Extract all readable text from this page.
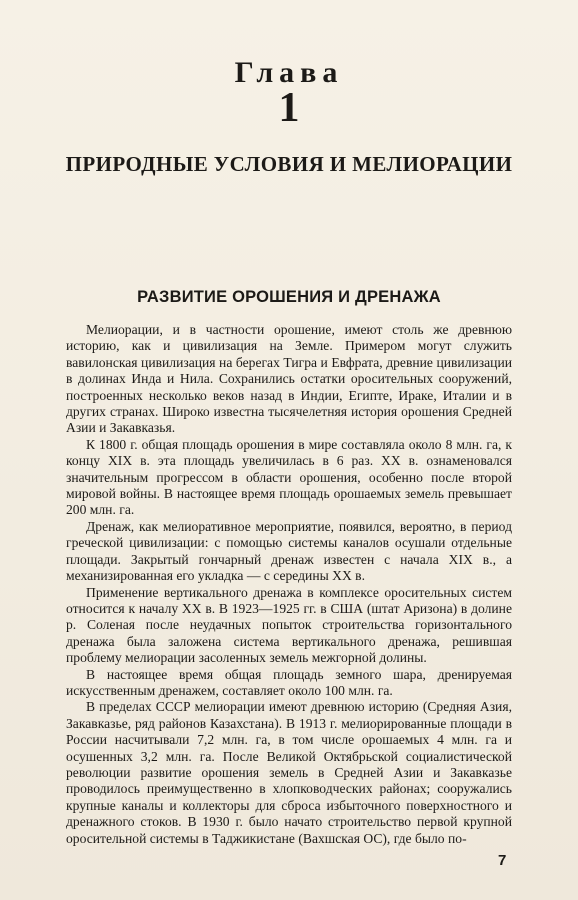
Глава
1
ПРИРОДНЫЕ УСЛОВИЯ И МЕЛИОРАЦИИ
РАЗВИТИЕ ОРОШЕНИЯ И ДРЕНАЖА

Мелиорации, и в частности орошение, имеют столь же древнюю историю, как и цивилизация на Земле. Примером могут служить вавилонская цивилизация на берегах Тигра и Евфрата, древние цивилизации в долинах Инда и Нила. Сохранились остатки оросительных сооружений, построенных несколько веков назад в Индии, Египте, Ираке, Италии и в других странах. Широко известна тысячелетняя история орошения Средней Азии и Закавказья.

К 1800 г. общая площадь орошения в мире составляла около 8 млн. га, к концу XIX в. эта площадь увеличилась в 6 раз. XX в. ознаменовался значительным прогрессом в области орошения, особенно после второй мировой войны. В настоящее время площадь орошаемых земель превышает 200 млн. га.

Дренаж, как мелиоративное мероприятие, появился, вероятно, в период греческой цивилизации: с помощью системы каналов осушали отдельные площади. Закрытый гончарный дренаж известен с начала XIX в., а механизированная его укладка — с середины XX в.

Применение вертикального дренажа в комплексе оросительных систем относится к началу XX в. В 1923—1925 гг. в США (штат Аризона) в долине р. Соленая после неудачных попыток строительства горизонтального дренажа была заложена система вертикального дренажа, решившая проблему мелиорации засоленных земель межгорной долины.

В настоящее время общая площадь земного шара, дренируемая искусственным дренажем, составляет около 100 млн. га.

В пределах СССР мелиорации имеют древнюю историю (Средняя Азия, Закавказье, ряд районов Казахстана). В 1913 г. мелиорированные площади в России насчитывали 7,2 млн. га, в том числе орошаемых 4 млн. га и осушенных 3,2 млн. га. После Великой Октябрьской социалистической революции развитие орошения земель в Средней Азии и Закавказье проводилось преимущественно в хлопководческих районах; сооружались крупные каналы и коллекторы для сброса избыточного поверхностного и дренажного стоков. В 1930 г. было начато строительство первой крупной оросительной системы в Таджикистане (Вахшская ОС), где было по-

7
